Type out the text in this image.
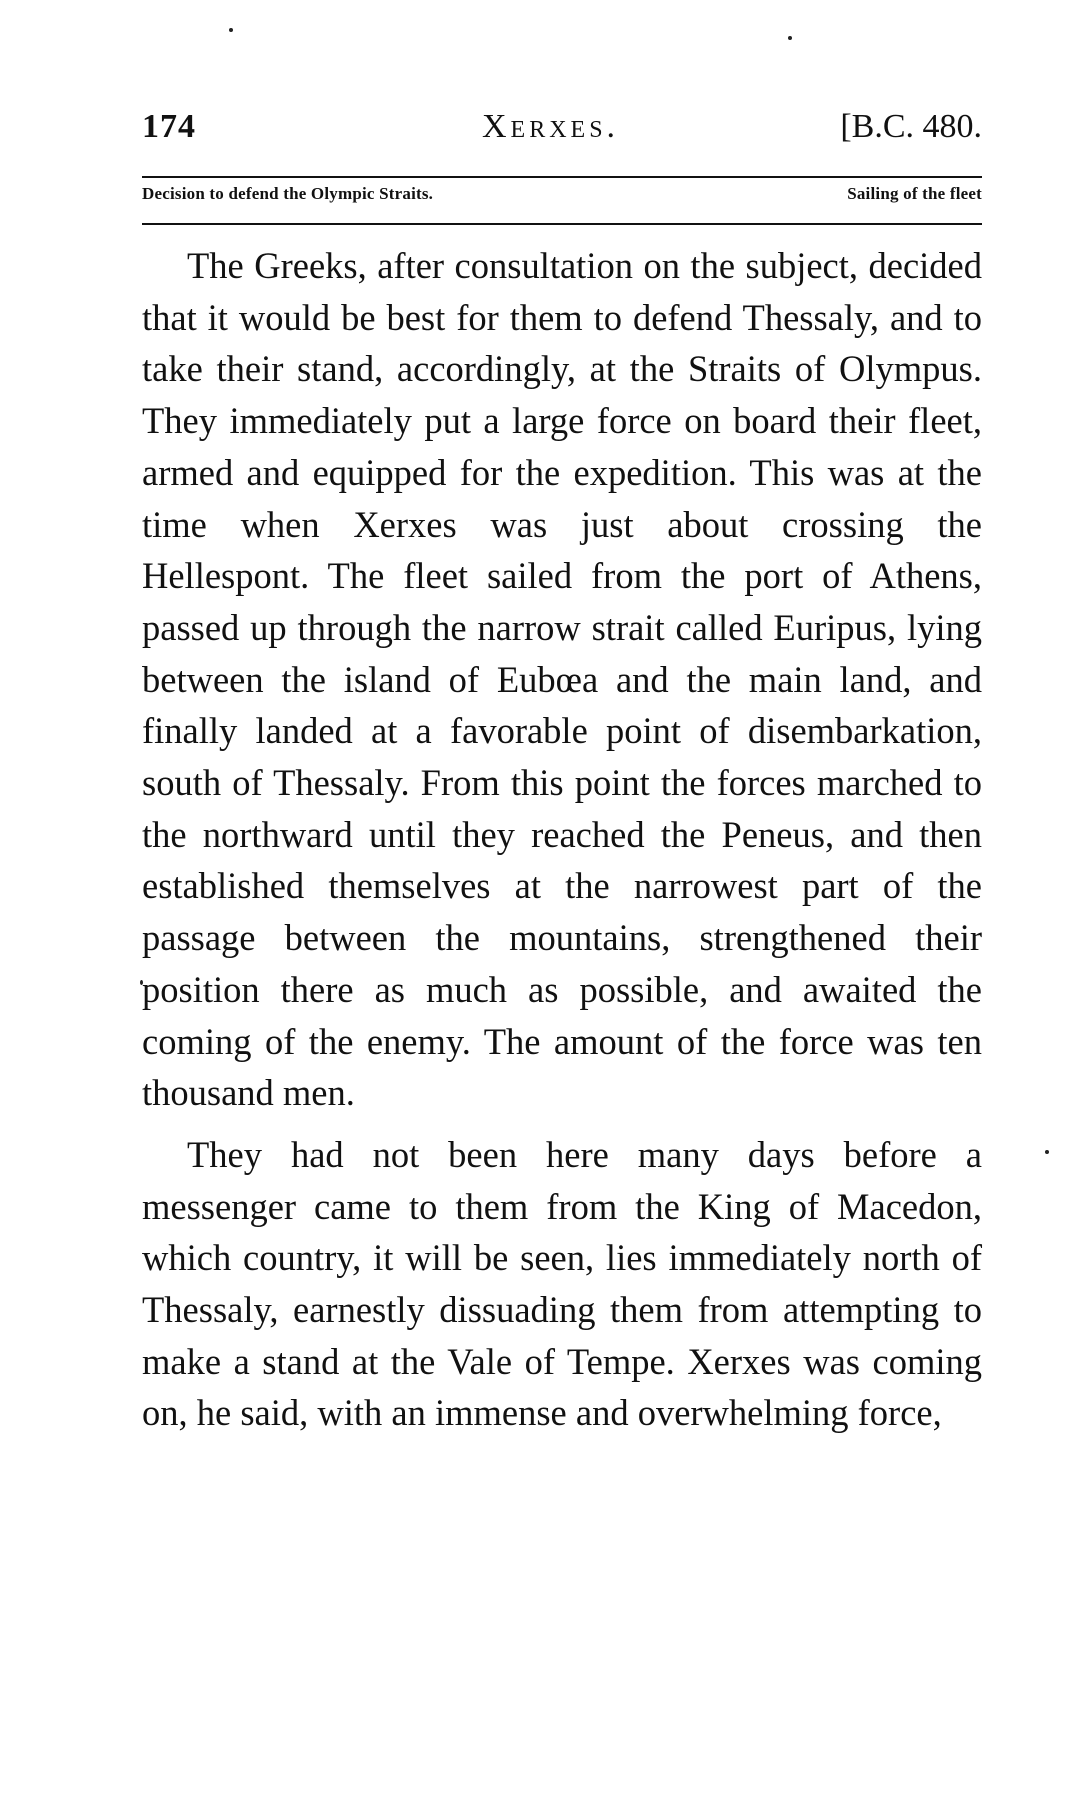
174	Xerxes.	[B.C. 480.
Decision to defend the Olympic Straits.	Sailing of the fleet

The Greeks, after consultation on the subject, decided that it would be best for them to defend Thessaly, and to take their stand, accordingly, at the Straits of Olympus. They immediately put a large force on board their fleet, armed and equipped for the expedition. This was at the time when Xerxes was just about crossing the Hellespont. The fleet sailed from the port of Athens, passed up through the narrow strait called Euripus, lying between the island of Eubœa and the main land, and finally landed at a favorable point of disembarkation, south of Thessaly. From this point the forces marched to the northward until they reached the Peneus, and then established themselves at the narrowest part of the passage between the mountains, strengthened their position there as much as possible, and awaited the coming of the enemy. The amount of the force was ten thousand men.

They had not been here many days before a messenger came to them from the King of Macedon, which country, it will be seen, lies immediately north of Thessaly, earnestly dissuading them from attempting to make a stand at the Vale of Tempe. Xerxes was coming on, he said, with an immense and overwhelming force,
